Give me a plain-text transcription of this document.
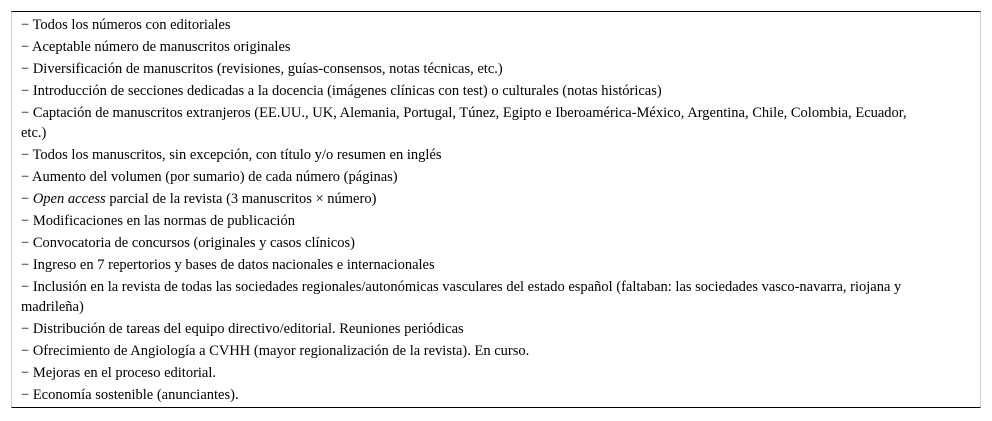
− Todos los números con editoriales
− Aceptable número de manuscritos originales
− Diversificación de manuscritos (revisiones, guías-consensos, notas técnicas, etc.)
− Introducción de secciones dedicadas a la docencia (imágenes clínicas con test) o culturales (notas históricas)
− Captación de manuscritos extranjeros (EE.UU., UK, Alemania, Portugal, Túnez, Egipto e Iberoamérica-México, Argentina, Chile, Colombia, Ecuador, etc.)
− Todos los manuscritos, sin excepción, con título y/o resumen en inglés
− Aumento del volumen (por sumario) de cada número (páginas)
− Open access parcial de la revista (3 manuscritos × número)
− Modificaciones en las normas de publicación
− Convocatoria de concursos (originales y casos clínicos)
− Ingreso en 7 repertorios y bases de datos nacionales e internacionales
− Inclusión en la revista de todas las sociedades regionales/autonómicas vasculares del estado español (faltaban: las sociedades vasco-navarra, riojana y madrileña)
− Distribución de tareas del equipo directivo/editorial. Reuniones periódicas
− Ofrecimiento de Angiología a CVHH (mayor regionalización de la revista). En curso.
− Mejoras en el proceso editorial.
− Economía sostenible (anunciantes).
